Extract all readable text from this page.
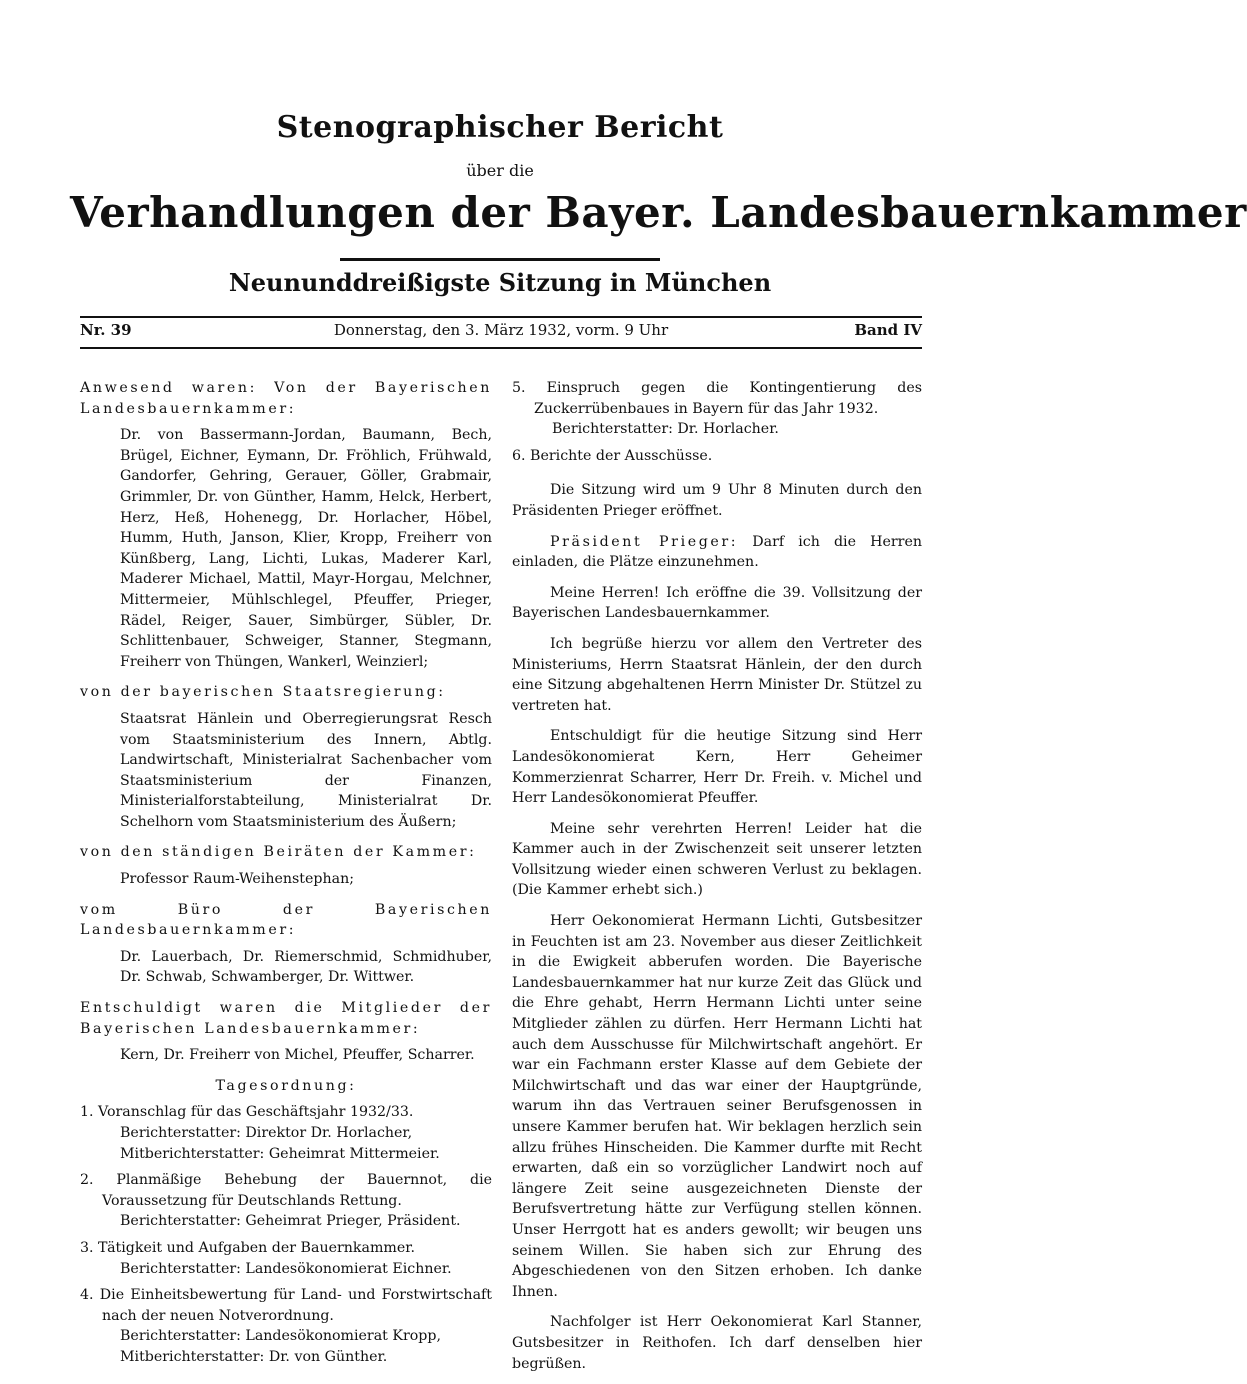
Stenographischer Bericht
über die
Verhandlungen der Bayer. Landesbauernkammer
Neununddreißigste Sitzung in München
Nr. 39	Donnerstag, den 3. März 1932, vorm. 9 Uhr	Band IV

Anwesend waren: Von der Bayerischen Landesbauernkammer:

Dr. von Bassermann-Jordan, Baumann, Bech, Brügel, Eichner, Eymann, Dr. Fröhlich, Frühwald, Gandorfer, Gehring, Gerauer, Göller, Grabmair, Grimmler, Dr. von Günther, Hamm, Helck, Herbert, Herz, Heß, Hohenegg, Dr. Horlacher, Höbel, Humm, Huth, Janson, Klier, Kropp, Freiherr von Künßberg, Lang, Lichti, Lukas, Maderer Karl, Maderer Michael, Mattil, Mayr-Horgau, Melchner, Mittermeier, Mühlschlegel, Pfeuffer, Prieger, Rädel, Reiger, Sauer, Simbürger, Sübler, Dr. Schlittenbauer, Schweiger, Stanner, Stegmann, Freiherr von Thüngen, Wankerl, Weinzierl;

von der bayerischen Staatsregierung:

Staatsrat Hänlein und Oberregierungsrat Resch vom Staatsministerium des Innern, Abtlg. Landwirtschaft, Ministerialrat Sachenbacher vom Staatsministerium der Finanzen, Ministerialforstabteilung, Ministerialrat Dr. Schelhorn vom Staatsministerium des Äußern;

von den ständigen Beiräten der Kammer:

Professor Raum-Weihenstephan;

vom Büro der Bayerischen Landesbauernkammer:

Dr. Lauerbach, Dr. Riemerschmid, Schmidhuber, Dr. Schwab, Schwamberger, Dr. Wittwer.

Entschuldigt waren die Mitglieder der Bayerischen Landesbauernkammer:

Kern, Dr. Freiherr von Michel, Pfeuffer, Scharrer.

Tagesordnung:

1. Voranschlag für das Geschäftsjahr 1932/33.

Berichterstatter: Direktor Dr. Horlacher,

Mitberichterstatter: Geheimrat Mittermeier.

2. Planmäßige Behebung der Bauernnot, die Voraussetzung für Deutschlands Rettung.

Berichterstatter: Geheimrat Prieger, Präsident.

3. Tätigkeit und Aufgaben der Bauernkammer.

Berichterstatter: Landesökonomierat Eichner.

4. Die Einheitsbewertung für Land- und Forstwirtschaft nach der neuen Notverordnung.

Berichterstatter: Landesökonomierat Kropp,

Mitberichterstatter: Dr. von Günther.

5. Einspruch gegen die Kontingentierung des Zuckerrübenbaues in Bayern für das Jahr 1932.

Berichterstatter: Dr. Horlacher.

6. Berichte der Ausschüsse.

Die Sitzung wird um 9 Uhr 8 Minuten durch den Präsidenten Prieger eröffnet.

Präsident Prieger: Darf ich die Herren einladen, die Plätze einzunehmen.

Meine Herren! Ich eröffne die 39. Vollsitzung der Bayerischen Landesbauernkammer.

Ich begrüße hierzu vor allem den Vertreter des Ministeriums, Herrn Staatsrat Hänlein, der den durch eine Sitzung abgehaltenen Herrn Minister Dr. Stützel zu vertreten hat.

Entschuldigt für die heutige Sitzung sind Herr Landesökonomierat Kern, Herr Geheimer Kommerzienrat Scharrer, Herr Dr. Freih. v. Michel und Herr Landesökonomierat Pfeuffer.

Meine sehr verehrten Herren! Leider hat die Kammer auch in der Zwischenzeit seit unserer letzten Vollsitzung wieder einen schweren Verlust zu beklagen. (Die Kammer erhebt sich.)

Herr Oekonomierat Hermann Lichti, Gutsbesitzer in Feuchten ist am 23. November aus dieser Zeitlichkeit in die Ewigkeit abberufen worden. Die Bayerische Landesbauernkammer hat nur kurze Zeit das Glück und die Ehre gehabt, Herrn Hermann Lichti unter seine Mitglieder zählen zu dürfen. Herr Hermann Lichti hat auch dem Ausschusse für Milchwirtschaft angehört. Er war ein Fachmann erster Klasse auf dem Gebiete der Milchwirtschaft und das war einer der Hauptgründe, warum ihn das Vertrauen seiner Berufsgenossen in unsere Kammer berufen hat. Wir beklagen herzlich sein allzu frühes Hinscheiden. Die Kammer durfte mit Recht erwarten, daß ein so vorzüglicher Landwirt noch auf längere Zeit seine ausgezeichneten Dienste der Berufsvertretung hätte zur Verfügung stellen können. Unser Herrgott hat es anders gewollt; wir beugen uns seinem Willen. Sie haben sich zur Ehrung des Abgeschiedenen von den Sitzen erhoben. Ich danke Ihnen.

Nachfolger ist Herr Oekonomierat Karl Stanner, Gutsbesitzer in Reithofen. Ich darf denselben hier begrüßen.
